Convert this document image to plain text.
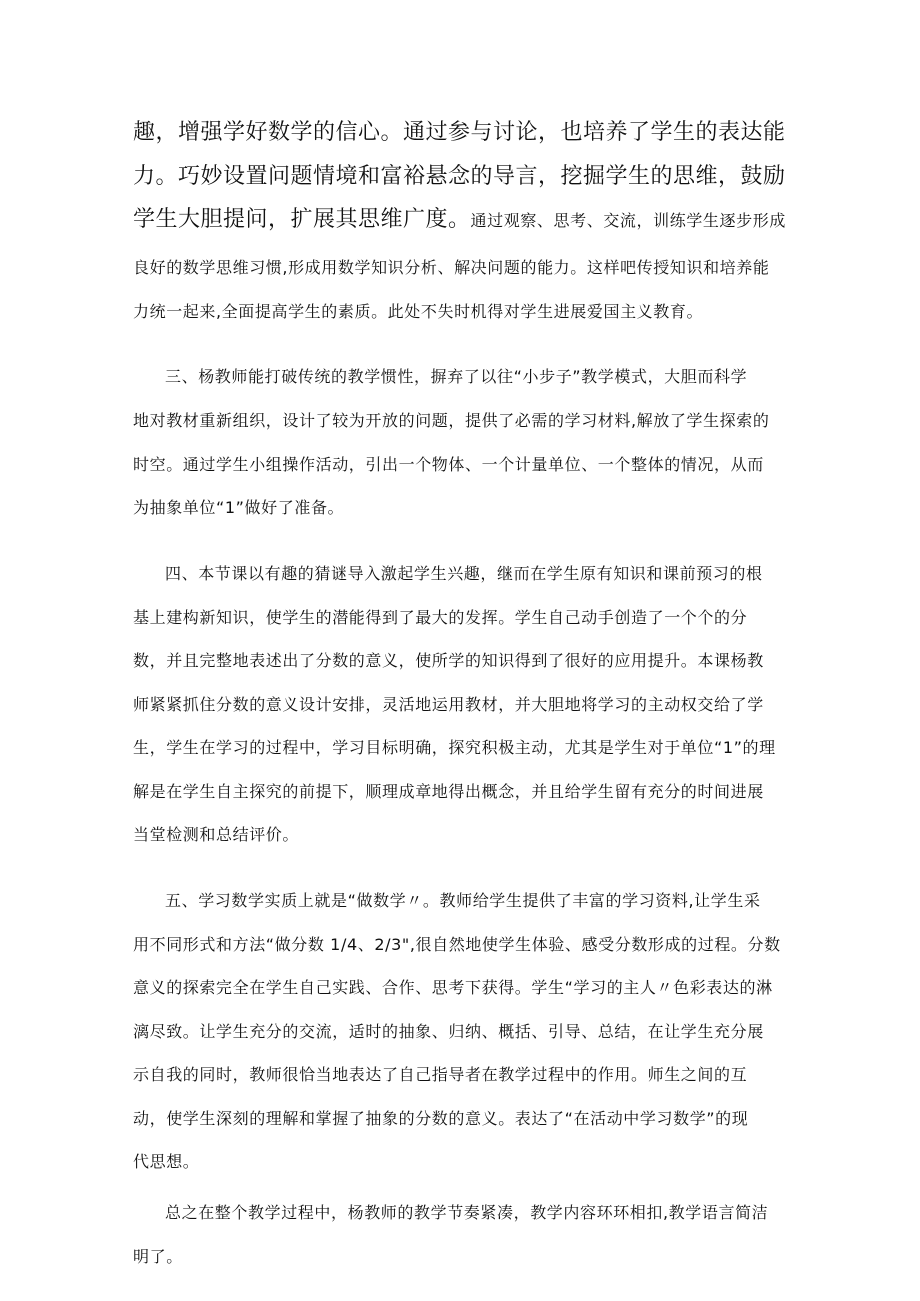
趣，增强学好数学的信心。通过参与讨论，也培养了学生的表达能
力。巧妙设置问题情境和富裕悬念的导言，挖掘学生的思维，鼓励
学生大胆提问，扩展其思维广度。通过观察、思考、交流，训练学生逐步形成
良好的数学思维习惯,形成用数学知识分析、解决问题的能力。这样吧传授知识和培养能
力统一起来,全面提高学生的素质。此处不失时机得对学生进展爱国主义教育。
三、杨教师能打破传统的教学惯性，摒弃了以往“小步子”教学模式，大胆而科学
地对教材重新组织，设计了较为开放的问题，提供了必需的学习材料,解放了学生探索的
时空。通过学生小组操作活动，引出一个物体、一个计量单位、一个整体的情况，从而
为抽象单位“1”做好了准备。
四、本节课以有趣的猜谜导入激起学生兴趣，继而在学生原有知识和课前预习的根
基上建构新知识，使学生的潜能得到了最大的发挥。学生自己动手创造了一个个的分
数，并且完整地表述出了分数的意义，使所学的知识得到了很好的应用提升。本课杨教
师紧紧抓住分数的意义设计安排，灵活地运用教材，并大胆地将学习的主动权交给了学
生，学生在学习的过程中，学习目标明确，探究积极主动，尤其是学生对于单位“1”的理
解是在学生自主探究的前提下，顺理成章地得出概念，并且给学生留有充分的时间进展
当堂检测和总结评价。
五、学习数学实质上就是“做数学〃。教师给学生提供了丰富的学习资料,让学生采
用不同形式和方法“做分数 1/4、2/3",很自然地使学生体验、感受分数形成的过程。分数
意义的探索完全在学生自己实践、合作、思考下获得。学生“学习的主人〃色彩表达的淋
漓尽致。让学生充分的交流，适时的抽象、归纳、概括、引导、总结，在让学生充分展
示自我的同时，教师很恰当地表达了自己指导者在教学过程中的作用。师生之间的互
动，使学生深刻的理解和掌握了抽象的分数的意义。表达了“在活动中学习数学”的现
代思想。
总之在整个教学过程中，杨教师的教学节奏紧凑，教学内容环环相扣,教学语言简洁
明了。
